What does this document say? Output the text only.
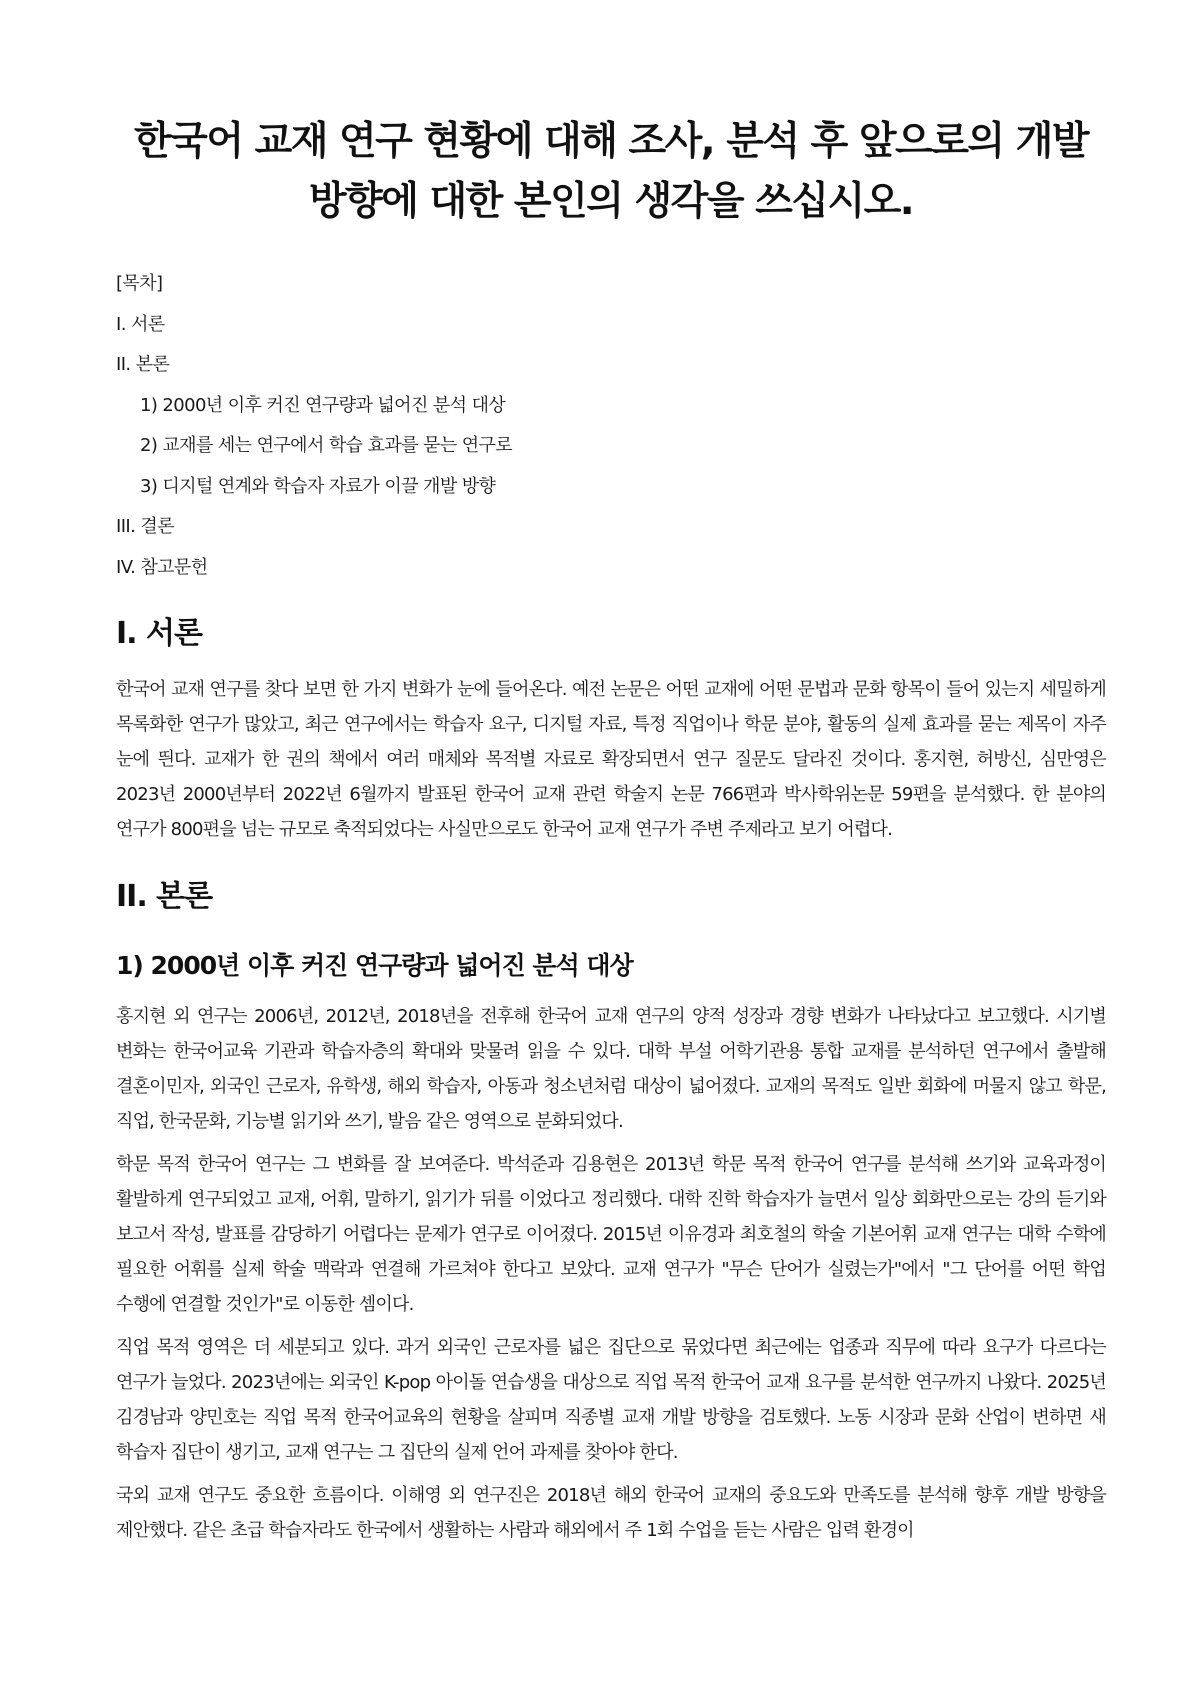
한국어 교재 연구 현황에 대해 조사, 분석 후 앞으로의 개발 방향에 대한 본인의 생각을 쓰십시오.
[목차]
I. 서론
II. 본론
1) 2000년 이후 커진 연구량과 넓어진 분석 대상
2) 교재를 세는 연구에서 학습 효과를 묻는 연구로
3) 디지털 연계와 학습자 자료가 이끌 개발 방향
III. 결론
IV. 참고문헌
I. 서론

한국어 교재 연구를 찾다 보면 한 가지 변화가 눈에 들어온다. 예전 논문은 어떤 교재에 어떤 문법과 문화 항목이 들어 있는지 세밀하게 목록화한 연구가 많았고, 최근 연구에서는 학습자 요구, 디지털 자료, 특정 직업이나 학문 분야, 활동의 실제 효과를 묻는 제목이 자주 눈에 띈다. 교재가 한 권의 책에서 여러 매체와 목적별 자료로 확장되면서 연구 질문도 달라진 것이다. 홍지현, 허방신, 심만영은 2023년 2000년부터 2022년 6월까지 발표된 한국어 교재 관련 학술지 논문 766편과 박사학위논문 59편을 분석했다. 한 분야의 연구가 800편을 넘는 규모로 축적되었다는 사실만으로도 한국어 교재 연구가 주변 주제라고 보기 어렵다.

II. 본론
1) 2000년 이후 커진 연구량과 넓어진 분석 대상

홍지현 외 연구는 2006년, 2012년, 2018년을 전후해 한국어 교재 연구의 양적 성장과 경향 변화가 나타났다고 보고했다. 시기별 변화는 한국어교육 기관과 학습자층의 확대와 맞물려 읽을 수 있다. 대학 부설 어학기관용 통합 교재를 분석하던 연구에서 출발해 결혼이민자, 외국인 근로자, 유학생, 해외 학습자, 아동과 청소년처럼 대상이 넓어졌다. 교재의 목적도 일반 회화에 머물지 않고 학문, 직업, 한국문화, 기능별 읽기와 쓰기, 발음 같은 영역으로 분화되었다.

학문 목적 한국어 연구는 그 변화를 잘 보여준다. 박석준과 김용현은 2013년 학문 목적 한국어 연구를 분석해 쓰기와 교육과정이 활발하게 연구되었고 교재, 어휘, 말하기, 읽기가 뒤를 이었다고 정리했다. 대학 진학 학습자가 늘면서 일상 회화만으로는 강의 듣기와 보고서 작성, 발표를 감당하기 어렵다는 문제가 연구로 이어졌다. 2015년 이유경과 최호철의 학술 기본어휘 교재 연구는 대학 수학에 필요한 어휘를 실제 학술 맥락과 연결해 가르쳐야 한다고 보았다. 교재 연구가 "무슨 단어가 실렸는가"에서 "그 단어를 어떤 학업 수행에 연결할 것인가"로 이동한 셈이다.

직업 목적 영역은 더 세분되고 있다. 과거 외국인 근로자를 넓은 집단으로 묶었다면 최근에는 업종과 직무에 따라 요구가 다르다는 연구가 늘었다. 2023년에는 외국인 K-pop 아이돌 연습생을 대상으로 직업 목적 한국어 교재 요구를 분석한 연구까지 나왔다. 2025년 김경남과 양민호는 직업 목적 한국어교육의 현황을 살피며 직종별 교재 개발 방향을 검토했다. 노동 시장과 문화 산업이 변하면 새 학습자 집단이 생기고, 교재 연구는 그 집단의 실제 언어 과제를 찾아야 한다.

국외 교재 연구도 중요한 흐름이다. 이해영 외 연구진은 2018년 해외 한국어 교재의 중요도와 만족도를 분석해 향후 개발 방향을 제안했다. 같은 초급 학습자라도 한국에서 생활하는 사람과 해외에서 주 1회 수업을 듣는 사람은 입력 환경이
